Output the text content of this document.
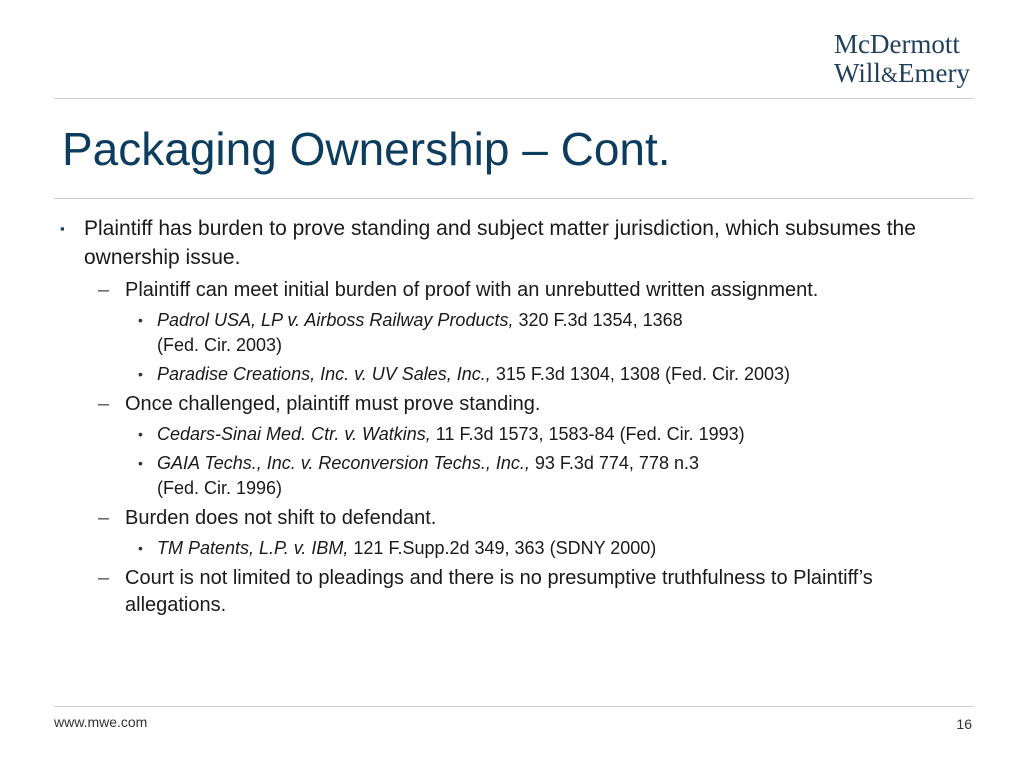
McDermott
Will&Emery
Packaging Ownership – Cont.
▪ Plaintiff has burden to prove standing and subject matter jurisdiction, which subsumes the ownership issue.
– Plaintiff can meet initial burden of proof with an unrebutted written assignment.
• Padrol USA, LP v. Airboss Railway Products, 320 F.3d 1354, 1368
(Fed. Cir. 2003)
• Paradise Creations, Inc. v. UV Sales, Inc., 315 F.3d 1304, 1308 (Fed. Cir. 2003)
– Once challenged, plaintiff must prove standing.
• Cedars-Sinai Med. Ctr. v. Watkins, 11 F.3d 1573, 1583-84 (Fed. Cir. 1993)
• GAIA Techs., Inc. v. Reconversion Techs., Inc., 93 F.3d 774, 778 n.3
(Fed. Cir. 1996)
– Burden does not shift to defendant.
• TM Patents, L.P. v. IBM, 121 F.Supp.2d 349, 363 (SDNY 2000)
– Court is not limited to pleadings and there is no presumptive truthfulness to Plaintiff’s allegations.
www.mwe.com	16
